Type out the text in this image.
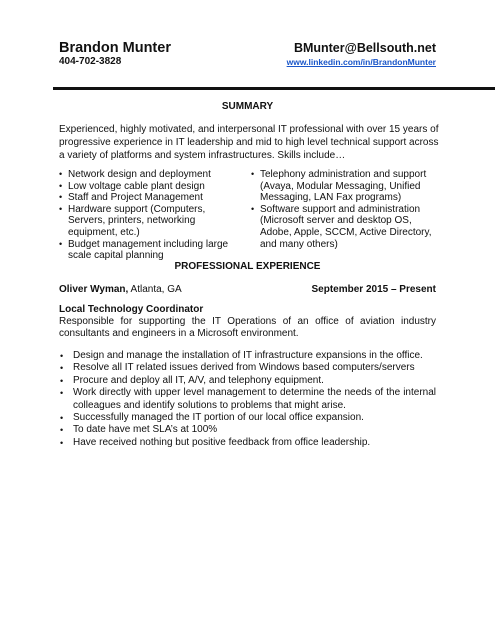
Brandon Munter
404-702-3828
BMunter@Bellsouth.net
www.linkedin.com/in/BrandonMunter
SUMMARY
Experienced, highly motivated, and interpersonal IT professional with over 15 years of progressive experience in IT leadership and mid to high level technical support across a variety of platforms and system infrastructures. Skills include…
• Network design and deployment
• Low voltage cable plant design
• Staff and Project Management
• Hardware support (Computers, Servers, printers, networking equipment, etc.)
• Budget management including large scale capital planning
• Telephony administration and support (Avaya, Modular Messaging, Unified Messaging, LAN Fax programs)
• Software support and administration (Microsoft server and desktop OS, Adobe, Apple, SCCM, Active Directory, and many others)
PROFESSIONAL EXPERIENCE
Oliver Wyman, Atlanta, GA	September 2015 – Present
Local Technology Coordinator
Responsible for supporting the IT Operations of an office of aviation industry consultants and engineers in a Microsoft environment.
• Design and manage the installation of IT infrastructure expansions in the office.
• Resolve all IT related issues derived from Windows based computers/servers
• Procure and deploy all IT, A/V, and telephony equipment.
• Work directly with upper level management to determine the needs of the internal colleagues and identify solutions to problems that might arise.
• Successfully managed the IT portion of our local office expansion.
• To date have met SLA’s at 100%
• Have received nothing but positive feedback from office leadership.
